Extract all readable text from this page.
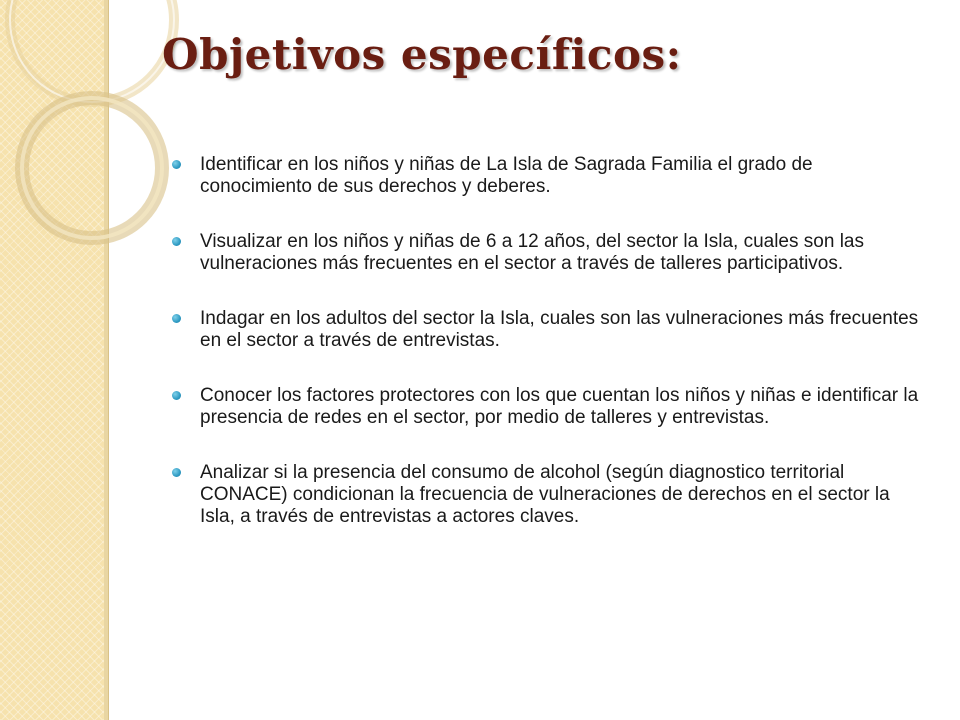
Objetivos específicos:
Identificar en los niños y niñas de La Isla de Sagrada Familia el grado de conocimiento de sus derechos y deberes.
Visualizar en los niños y niñas de 6 a 12 años, del sector la Isla, cuales son las vulneraciones más frecuentes en el sector a través de talleres participativos.
Indagar en los adultos del sector la Isla, cuales son las vulneraciones más frecuentes en el sector a través de entrevistas.
Conocer los factores protectores con los que cuentan los niños y niñas e identificar la presencia de redes en el sector, por medio de talleres y entrevistas.
Analizar si la presencia del consumo de alcohol (según diagnostico territorial CONACE) condicionan la frecuencia de vulneraciones de derechos en el sector la Isla, a través de entrevistas a actores claves.
